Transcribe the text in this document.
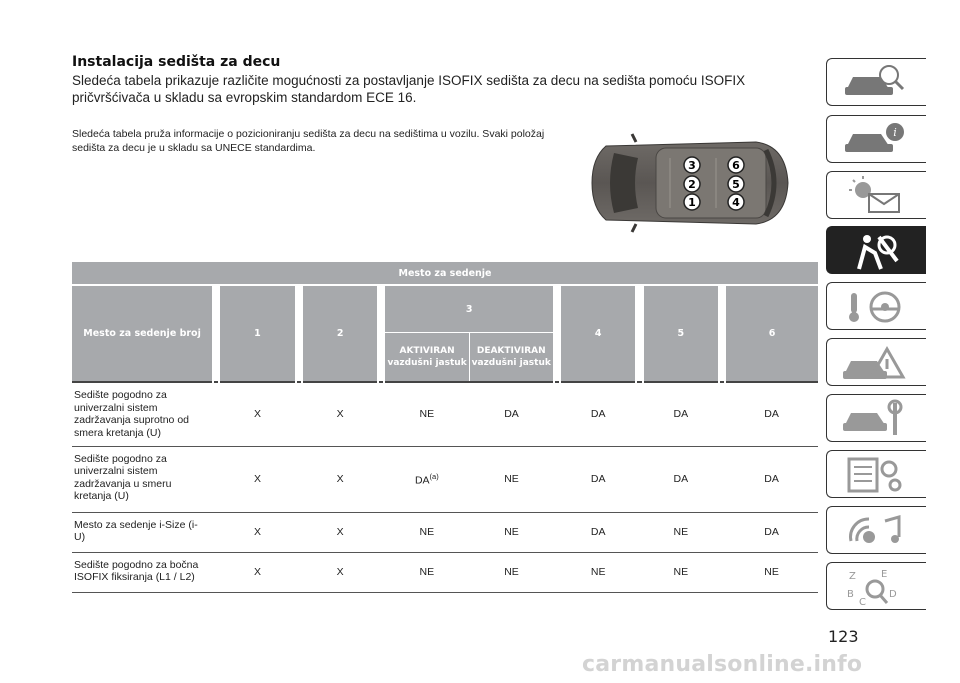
Instalacija sedišta za decu

Sledeća tabela prikazuje različite mogućnosti za postavljanje ISOFIX sedišta za decu na sedišta pomoću ISOFIX pričvršćivača u skladu sa evropskim standardom ECE 16.

Sledeća tabela pruža informacije o pozicioniranju sedišta za decu na sedištima u vozilu. Svaki položaj sedišta za decu je u skladu sa UNECE standardima.

3	6
2	5
1	4
Mesto za sedenje													
Mesto za sedenje broj		1		2		3			4		5		6
						AKTIVIRAN vazdušni jastuk	DEAKTIVIRAN vazdušni jastuk						
Sedište pogodno za univerzalni sistem zadržavanja suprotno od smera kretanja (U)		X		X		NE	DA		DA		DA		DA
Sedište pogodno za univerzalni sistem zadržavanja u smeru kretanja (U)		X		X		DA$^{(a)}$	NE		DA		DA		DA
Mesto za sedenje i-Size (i-U)		X		X		NE	NE		DA		NE		DA
Sedište pogodno za bočna ISOFIX fiksiranja (L1 / L2)		X		X		NE	NE		NE		NE		NE
i
Z	E
B
C
D
123
carmanualsonline.info
